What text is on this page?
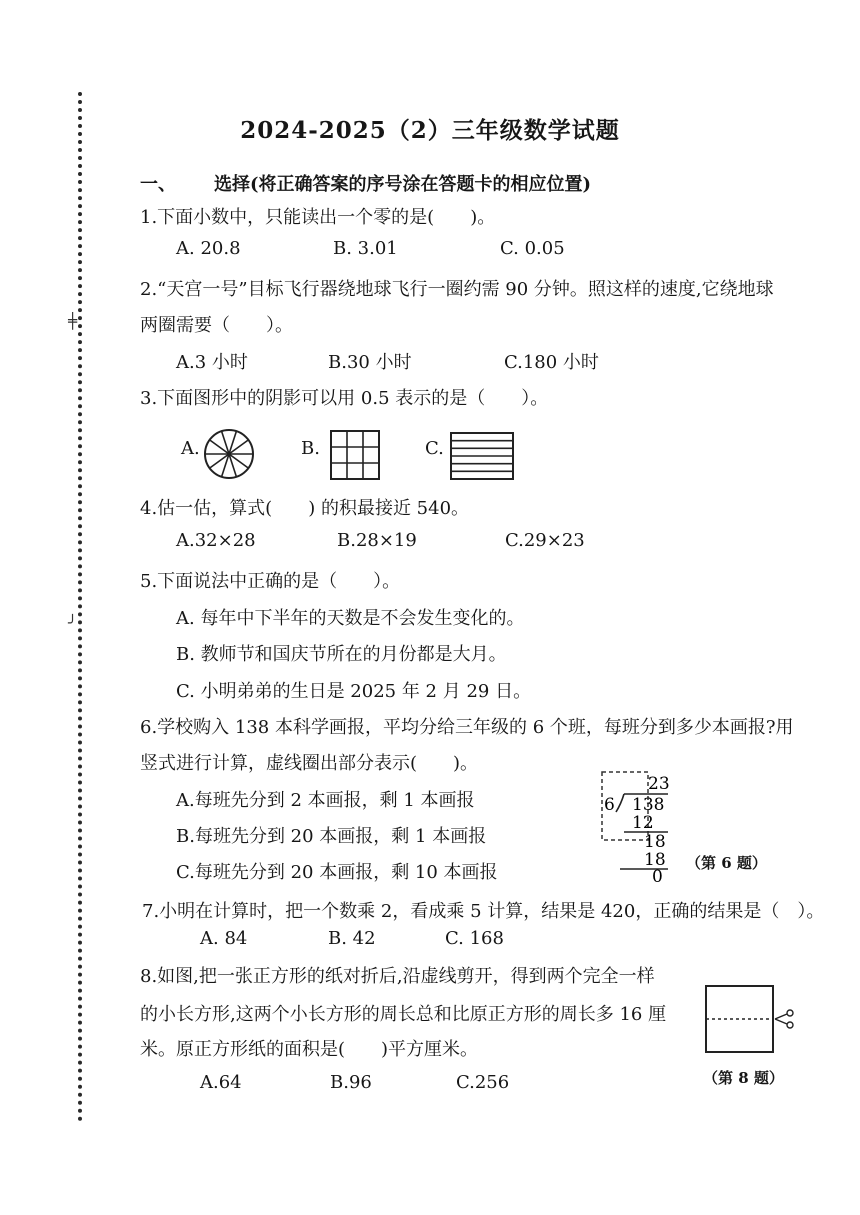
╪
╯
2024-2025（2）三年级数学试题
一、 选择(将正确答案的序号涂在答题卡的相应位置)
1.下面小数中，只能读出一个零的是(　　)。
A. 20.8	B. 3.01	C. 0.05
2.“天宫一号”目标飞行器绕地球飞行一圈约需 90 分钟。照这样的速度,它绕地球
两圈需要（　　）。
A.3 小时	B.30 小时	C.180 小时
3.下面图形中的阴影可以用 0.5 表示的是（　　）。
A.	B.	C.
4.估一估，算式(　　) 的积最接近 540。
A.32×28	B.28×19	C.29×23
5.下面说法中正确的是（　　）。
A. 每年中下半年的天数是不会发生变化的。
B. 教师节和国庆节所在的月份都是大月。
C. 小明弟弟的生日是 2025 年 2 月 29 日。
6.学校购入 138 本科学画报，平均分给三年级的 6 个班，每班分到多少本画报?用
竖式进行计算，虚线圈出部分表示(　　)。
A.每班先分到 2 本画报，剩 1 本画报
B.每班先分到 20 本画报，剩 1 本画报
C.每班先分到 20 本画报，剩 10 本画报
23
6 138
12
18
18
0
（第 6 题）
7.小明在计算时，把一个数乘 2，看成乘 5 计算，结果是 420，正确的结果是（　）。
A. 84	B. 42	C. 168
8.如图,把一张正方形的纸对折后,沿虚线剪开，得到两个完全一样
的小长方形,这两个小长方形的周长总和比原正方形的周长多 16 厘
米。原正方形纸的面积是(　　)平方厘米。
A.64	B.96	C.256	（第 8 题）
